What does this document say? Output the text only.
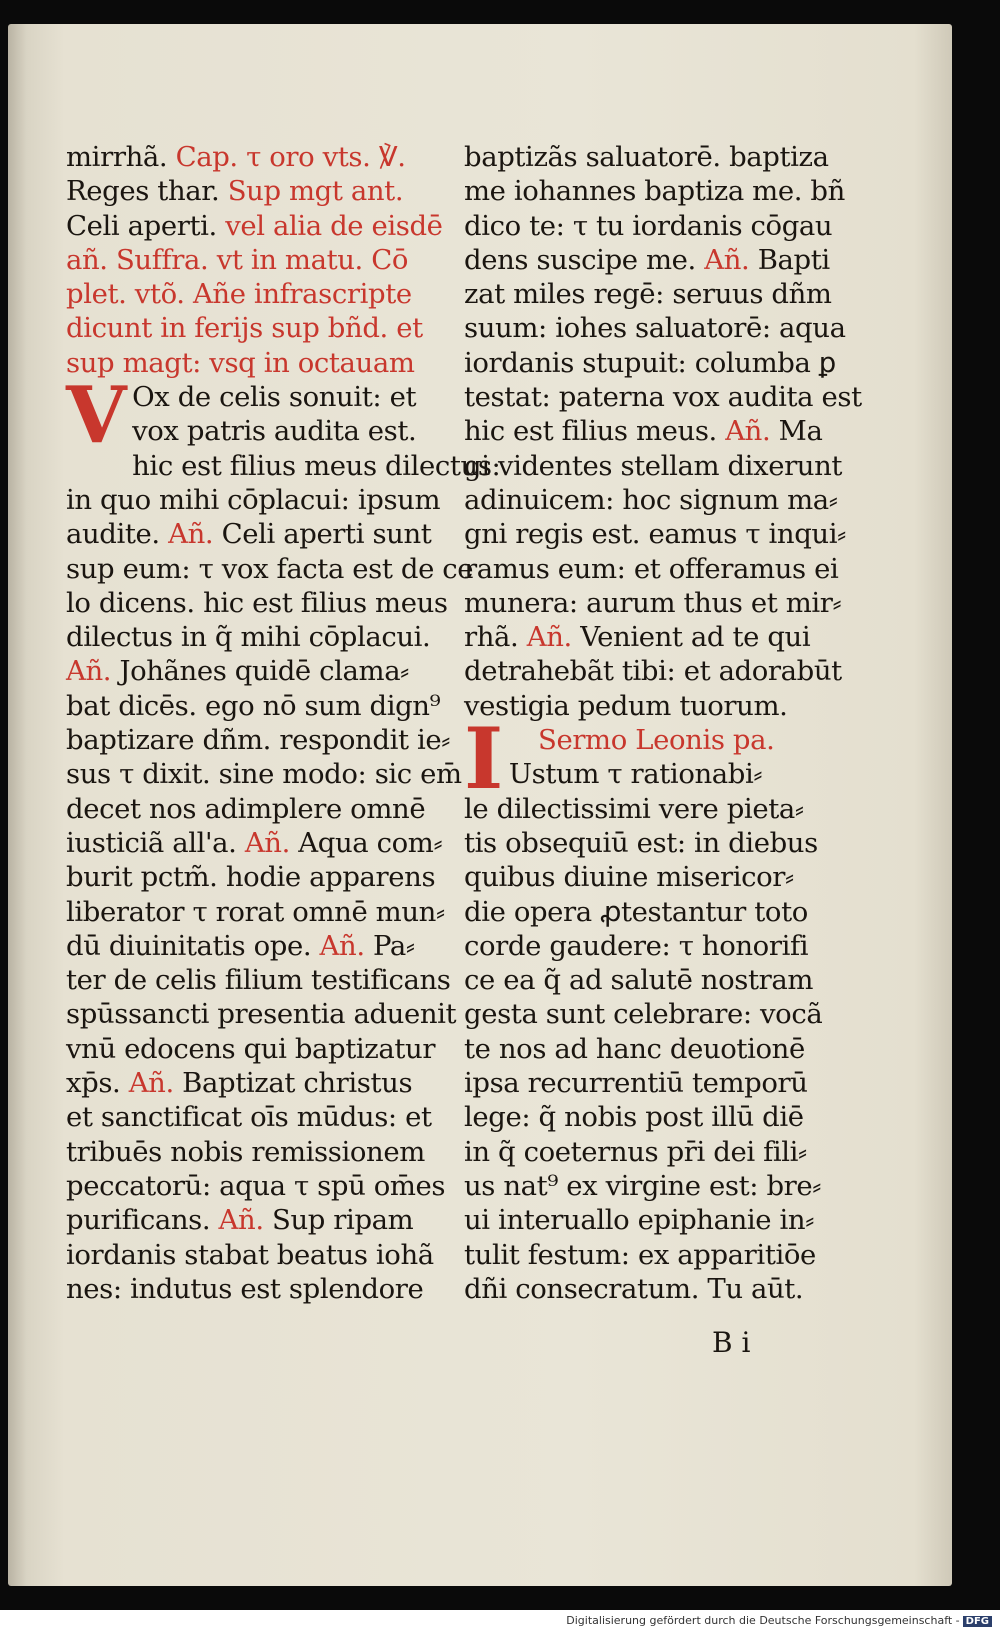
mirrhã. Cap. τ oro vts. ℣.
Reges thar. Sup mgt ant.
Celi aperti. vel alia de eisdē
añ. Suffra. vt in matu. Cō
plet. vtõ. Añe infrascripte
dicunt in ferijs sup bñd. et
sup magt: vsq in octauam
V Ox de celis sonuit: et
vox patris audita est.
hic est filius meus dilectus:
in quo mihi cōplacui: ipsum
audite. Añ. Celi aperti sunt
sup eum: τ vox facta est de ce
lo dicens. hic est filius meus
dilectus in q̃ mihi cōplacui.
Añ. Johãnes quidē clama⸗
bat dicēs. ego nō sum dign⁹
baptizare dñm. respondit ie⸗
sus τ dixit. sine modo: sic em̄
decet nos adimplere omnē
iusticiã all'a. Añ. Aqua com⸗
burit pctm̃. hodie apparens
liberator τ rorat omnē mun⸗
dū diuinitatis ope. Añ. Pa⸗
ter de celis filium testificans
spūssancti presentia aduenit
vnū edocens qui baptizatur
xp̄s. Añ. Baptizat christus
et sanctificat oīs mūdus: et
tribuēs nobis remissionem
peccatorū: aqua τ spū om̄es
purificans. Añ. Sup ripam
iordanis stabat beatus iohã
nes: indutus est splendore
baptizãs saluatorē. baptiza
me iohannes baptiza me. bñ
dico te: τ tu iordanis cōgau
dens suscipe me. Añ. Bapti
zat miles regē: seruus dñm
suum: iohes saluatorē: aqua
iordanis stupuit: columba ꝑ
testat: paterna vox audita est
hic est filius meus. Añ. Ma
gi videntes stellam dixerunt
adinuicem: hoc signum ma⸗
gni regis est. eamus τ inqui⸗
ramus eum: et offeramus ei
munera: aurum thus et mir⸗
rhã. Añ. Venient ad te qui
detrahebãt tibi: et adorabūt
vestigia pedum tuorum.
Sermo Leonis pa.
I Ustum τ rationabi⸗
le dilectissimi vere pieta⸗
tis obsequiū est: in diebus
quibus diuine misericor⸗
die opera ꝓtestantur toto
corde gaudere: τ honorifi
ce ea q̃ ad salutē nostram
gesta sunt celebrare: vocã
te nos ad hanc deuotionē
ipsa recurrentiū temporū
lege: q̃ nobis post illū diē
in q̃ coeternus pr̄i dei fili⸗
us nat⁹ ex virgine est: bre⸗
ui interuallo epiphanie in⸗
tulit festum: ex apparitiōe
dñi consecratum. Tu aūt.
B i
Digitalisierung gefördert durch die Deutsche Forschungsgemeinschaft - DFG
